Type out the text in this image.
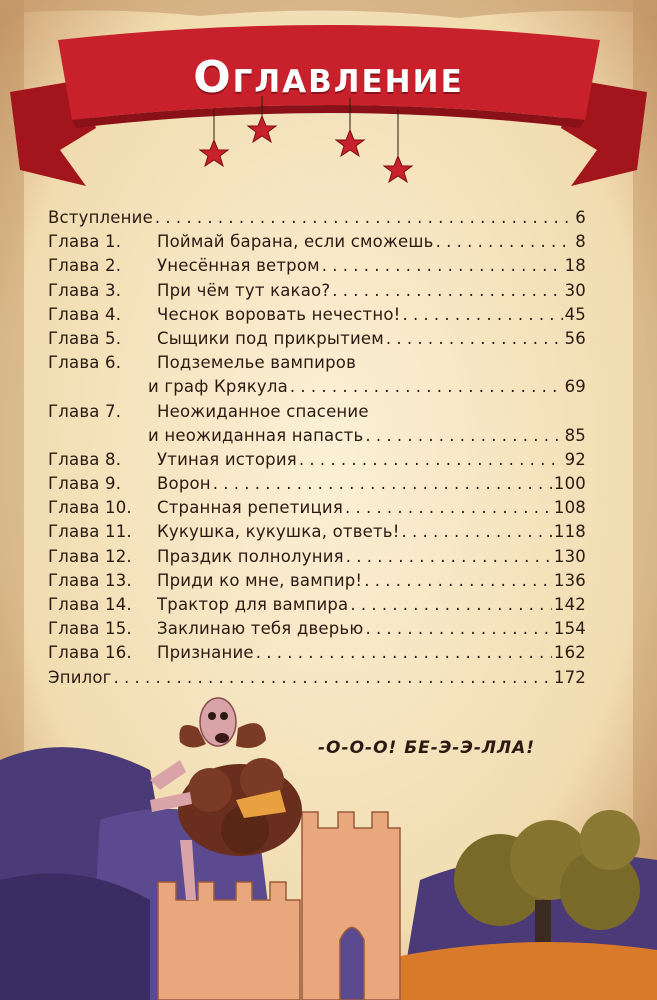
Оглавление
Вступление . . .	6
Глава 1.	Поймай барана, если сможешь . . .	8
Глава 2.	Унесённая ветром . . .	18
Глава 3.	При чём тут какао? . . .	30
Глава 4.	Чеснок воровать нечестно! . . .	45
Глава 5.	Сыщики под прикрытием . . .	56
Глава 6.	Подземелье вампиров
и граф Крякула . . .	69
Глава 7.	Неожиданное спасение
и неожиданная напасть . . .	85
Глава 8.	Утиная история . . .	92
Глава 9.	Ворон . . .	100
Глава 10.	Странная репетиция . . .	108
Глава 11.	Кукушка, кукушка, ответь! . . .	118
Глава 12.	Праздик полнолуния . . .	130
Глава 13.	Приди ко мне, вампир! . . .	136
Глава 14.	Трактор для вампира . . .	142
Глава 15.	Заклинаю тебя дверью . . .	154
Глава 16.	Признание . . .	162
Эпилог . . .	172
-О-О-О! БЕ-Э-Э-ЛЛА!
